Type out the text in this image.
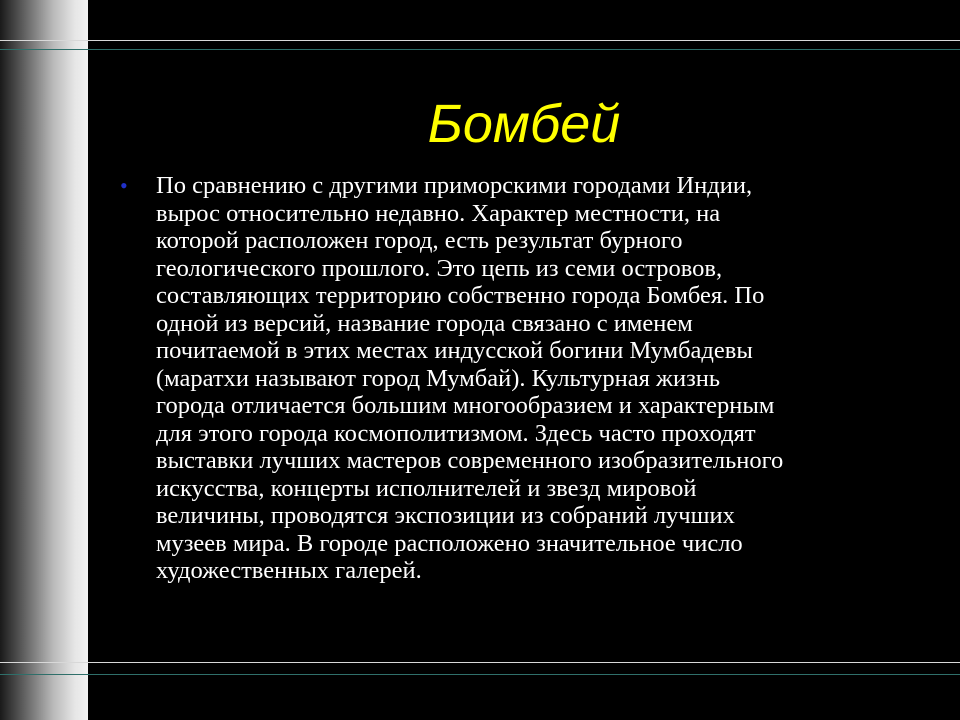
Бомбей
• По сравнению с другими приморскими городами Индии,
вырос относительно недавно. Характер местности, на
которой расположен город, есть результат бурного
геологического прошлого. Это цепь из семи островов,
составляющих территорию собственно города Бомбея. По
одной из версий, название города связано с именем
почитаемой в этих местах индусской богини Мумбадевы
(маратхи называют город Мумбай). Культурная жизнь
города отличается большим многообразием и характерным
для этого города космополитизмом. Здесь часто проходят
выставки лучших мастеров современного изобразительного
искусства, концерты исполнителей и звезд мировой
величины, проводятся экспозиции из собраний лучших
музеев мира. В городе расположено значительное число
художественных галерей.
